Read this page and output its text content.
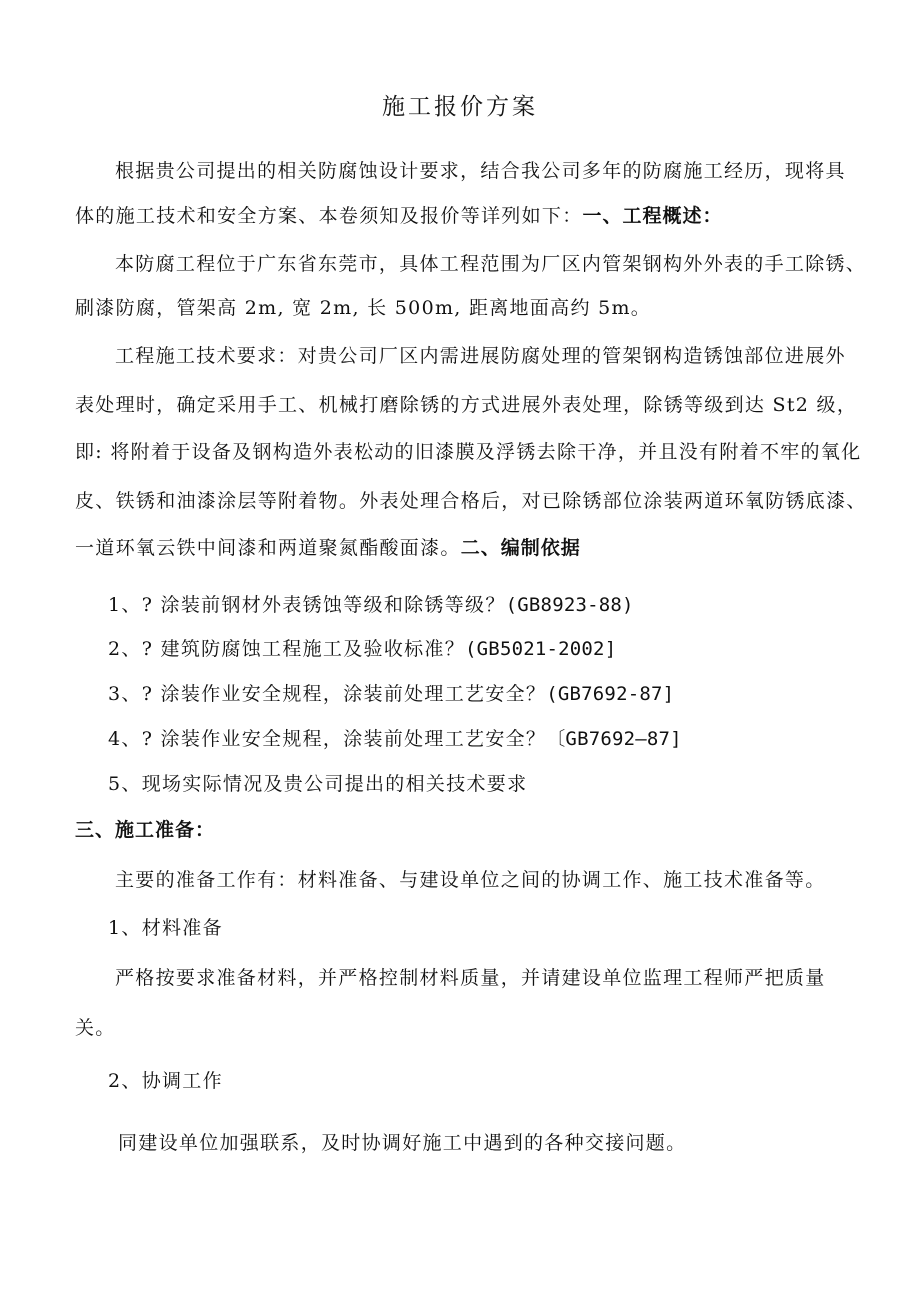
施工报价方案
根据贵公司提出的相关防腐蚀设计要求，结合我公司多年的防腐施工经历，现将具
体的施工技术和安全方案、本卷须知及报价等详列如下：一、工程概述：
本防腐工程位于广东省东莞市，具体工程范围为厂区内管架钢构外外表的手工除锈、
刷漆防腐，管架高 2m, 宽 2m, 长 500m, 距离地面高约 5m。
工程施工技术要求：对贵公司厂区内需进展防腐处理的管架钢构造锈蚀部位进展外
表处理时，确定采用手工、机械打磨除锈的方式进展外表处理，除锈等级到达 St2 级，
即: 将附着于设备及钢构造外表松动的旧漆膜及浮锈去除干净，并且没有附着不牢的氧化
皮、铁锈和油漆涂层等附着物。外表处理合格后，对已除锈部位涂装两道环氧防锈底漆、
一道环氧云铁中间漆和两道聚氮酯酸面漆。二、编制依据
1、? 涂装前钢材外表锈蚀等级和除锈等级？(GB8923-88)
2、? 建筑防腐蚀工程施工及验收标准？(GB5021-2002]
3、? 涂装作业安全规程，涂装前处理工艺安全？(GB7692-87]
4、? 涂装作业安全规程，涂装前处理工艺安全？〔GB7692—87]
5、现场实际情况及贵公司提出的相关技术要求
三、施工准备：
主要的准备工作有：材料准备、与建设单位之间的协调工作、施工技术准备等。
1、材料准备
严格按要求准备材料，并严格控制材料质量，并请建设单位监理工程师严把质量
关。
2、协调工作
同建设单位加强联系，及时协调好施工中遇到的各种交接问题。
